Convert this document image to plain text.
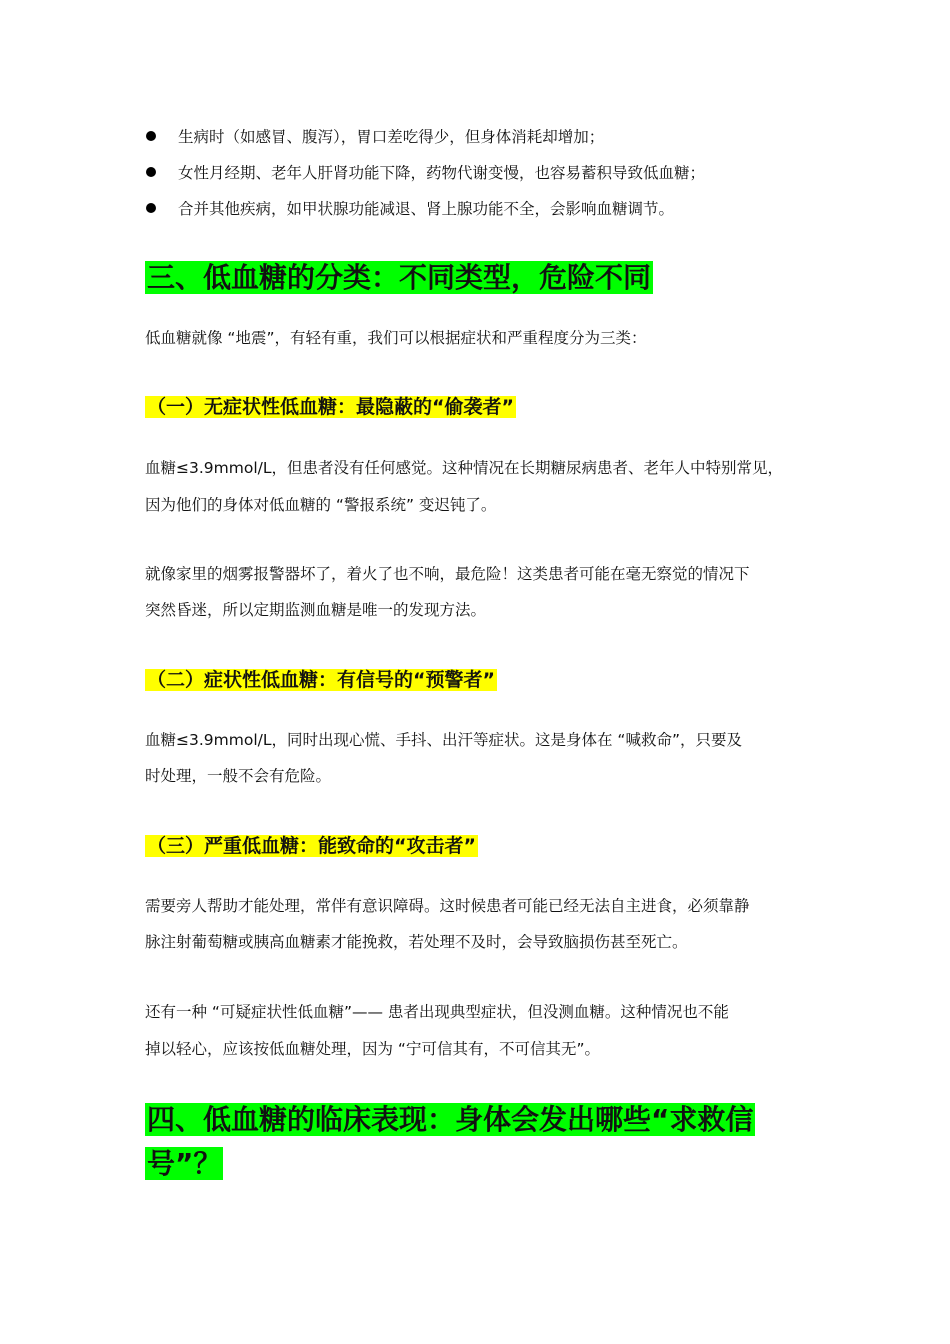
生病时（如感冒、腹泻），胃口差吃得少，但身体消耗却增加；
女性月经期、老年人肝肾功能下降，药物代谢变慢，也容易蓄积导致低血糖；
合并其他疾病，如甲状腺功能减退、肾上腺功能不全，会影响血糖调节。
三、低血糖的分类：不同类型，危险不同
低血糖就像 “地震”，有轻有重，我们可以根据症状和严重程度分为三类：
（一）无症状性低血糖：最隐蔽的“偷袭者”
血糖≤3.9mmol/L，但患者没有任何感觉。这种情况在长期糖尿病患者、老年人中特别常见，
因为他们的身体对低血糖的 “警报系统” 变迟钝了。
就像家里的烟雾报警器坏了，着火了也不响，最危险！这类患者可能在毫无察觉的情况下
突然昏迷，所以定期监测血糖是唯一的发现方法。
（二）症状性低血糖：有信号的“预警者”
血糖≤3.9mmol/L，同时出现心慌、手抖、出汗等症状。这是身体在 “喊救命”，只要及
时处理，一般不会有危险。
（三）严重低血糖：能致命的“攻击者”
需要旁人帮助才能处理，常伴有意识障碍。这时候患者可能已经无法自主进食，必须靠静
脉注射葡萄糖或胰高血糖素才能挽救，若处理不及时，会导致脑损伤甚至死亡。
还有一种 “可疑症状性低血糖”—— 患者出现典型症状，但没测血糖。这种情况也不能
掉以轻心，应该按低血糖处理，因为 “宁可信其有，不可信其无”。
四、低血糖的临床表现：身体会发出哪些“求救信
号”？
